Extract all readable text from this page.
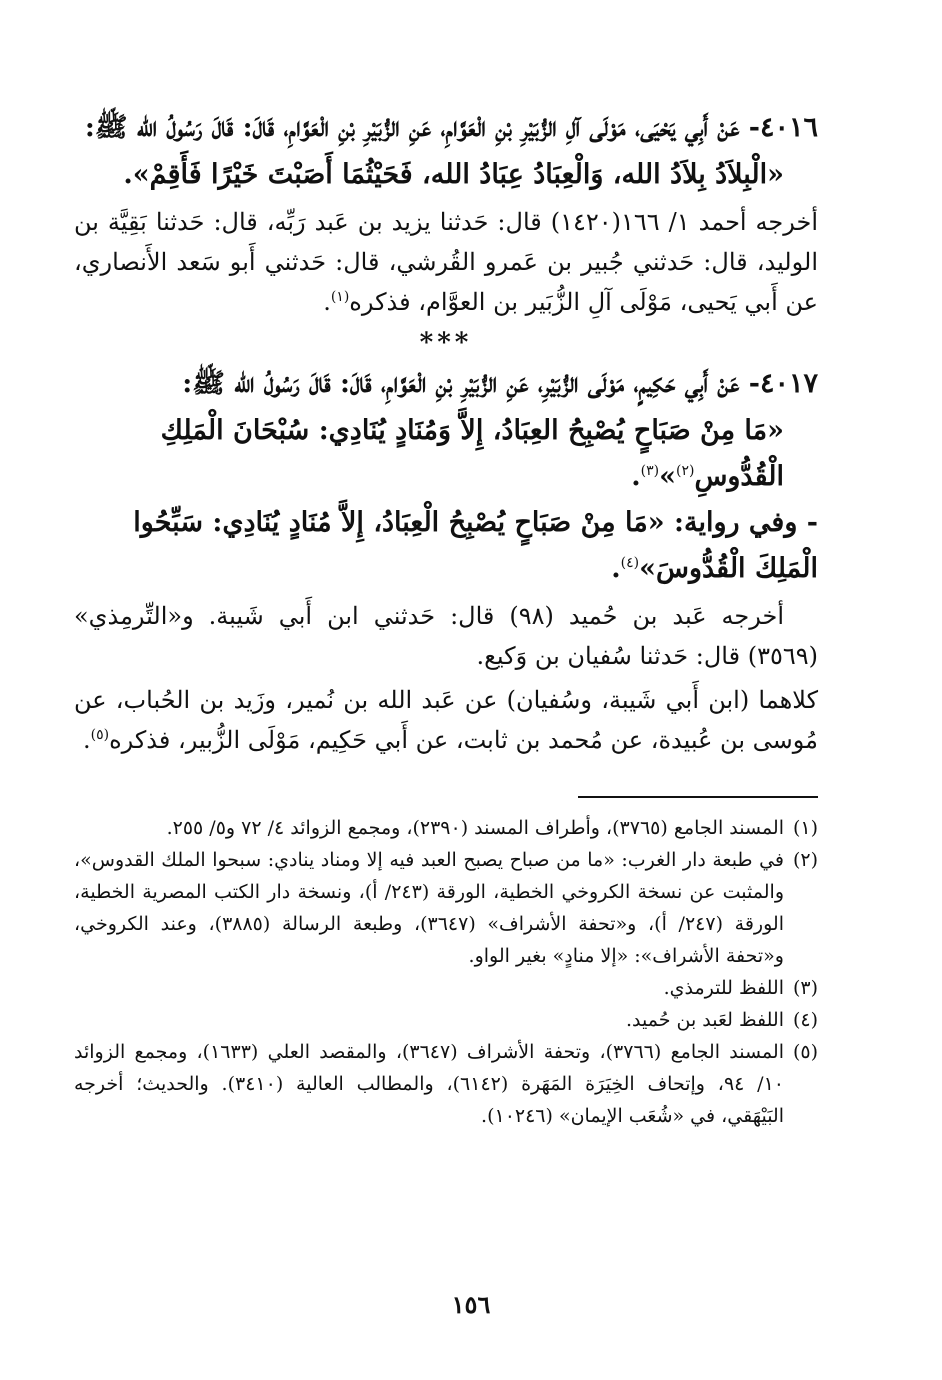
٤٠١٦- عَنْ أَبِي يَحْيَى، مَوْلَى آلِ الزُّبَيْرِ بْنِ الْعَوَّامِ، عَنِ الزُّبَيْرِ بْنِ الْعَوَّامِ، قَالَ: قَالَ رَسُولُ الله ﷺ:

«الْبِلاَدُ بِلاَدُ الله، وَالْعِبَادُ عِبَادُ الله، فَحَيْثُمَا أَصَبْتَ خَيْرًا فَأَقِمْ».

أخرجه أحمد ١/ ١٦٦(١٤٢٠) قال: حَدثنا يزيد بن عَبد رَبِّه، قال: حَدثنا بَقِيَّة بن الوليد، قال: حَدثني جُبير بن عَمرو القُرشي، قال: حَدثني أَبو سَعد الأَنصاري، عن أَبي يَحيى، مَوْلَى آلِ الزُّبَير بن العوَّام، فذكره$^{(١)}$.

***

٤٠١٧- عَنْ أَبِي حَكِيمٍ، مَوْلَى الزُّبَيْرِ، عَنِ الزُّبَيْرِ بْنِ الْعَوَّامِ، قَالَ: قَالَ رَسُولُ الله ﷺ:

«مَا مِنْ صَبَاحٍ يُصْبِحُ العِبَادُ، إِلاَّ وَمُنَادٍ يُنَادِي: سُبْحَانَ الْمَلِكِ الْقُدُّوسِ$^{(٢)}$»$^{(٣)}$.

- وفي رواية: «مَا مِنْ صَبَاحٍ يُصْبِحُ الْعِبَادُ، إِلاَّ مُنَادٍ يُنَادِي: سَبِّحُوا الْمَلِكَ الْقُدُّوسَ»$^{(٤)}$.

أخرجه عَبد بن حُميد (٩٨) قال: حَدثني ابن أَبي شَيبة. و«التِّرمِذي» (٣٥٦٩) قال: حَدثنا سُفيان بن وَكيع.

كلاهما (ابن أَبي شَيبة، وسُفيان) عن عَبد الله بن نُمير، وزَيد بن الحُباب، عن مُوسى بن عُبيدة، عن مُحمد بن ثابت، عن أَبي حَكِيم، مَوْلَى الزُّبير، فذكره$^{(٥)}$.

(١)
المسند الجامع (٣٧٦٥)، وأطراف المسند (٢٣٩٠)، ومجمع الزوائد ٤/ ٧٢ و٥/ ٢٥٥.

(٢)
في طبعة دار الغرب: «ما من صباح يصبح العبد فيه إلا ومناد ينادي: سبحوا الملك القدوس»، والمثبت عن نسخة الكروخي الخطية، الورقة (٢٤٣/ أ)، ونسخة دار الكتب المصرية الخطية، الورقة (٢٤٧/ أ)، و«تحفة الأشراف» (٣٦٤٧)، وطبعة الرسالة (٣٨٨٥)، وعند الكروخي، و«تحفة الأشراف»: «إلا منادٍ» بغير الواو.

(٣)
اللفظ للترمذي.

(٤)
اللفظ لعَبد بن حُميد.

(٥)
المسند الجامع (٣٧٦٦)، وتحفة الأشراف (٣٦٤٧)، والمقصد العلي (١٦٣٣)، ومجمع الزوائد ١٠/ ٩٤، وإتحاف الخِيَرَة المَهَرة (٦١٤٢)، والمطالب العالية (٣٤١٠). والحديث؛ أخرجه البَيْهَقي، في «شُعَب الإيمان» (١٠٢٤٦).

١٥٦
